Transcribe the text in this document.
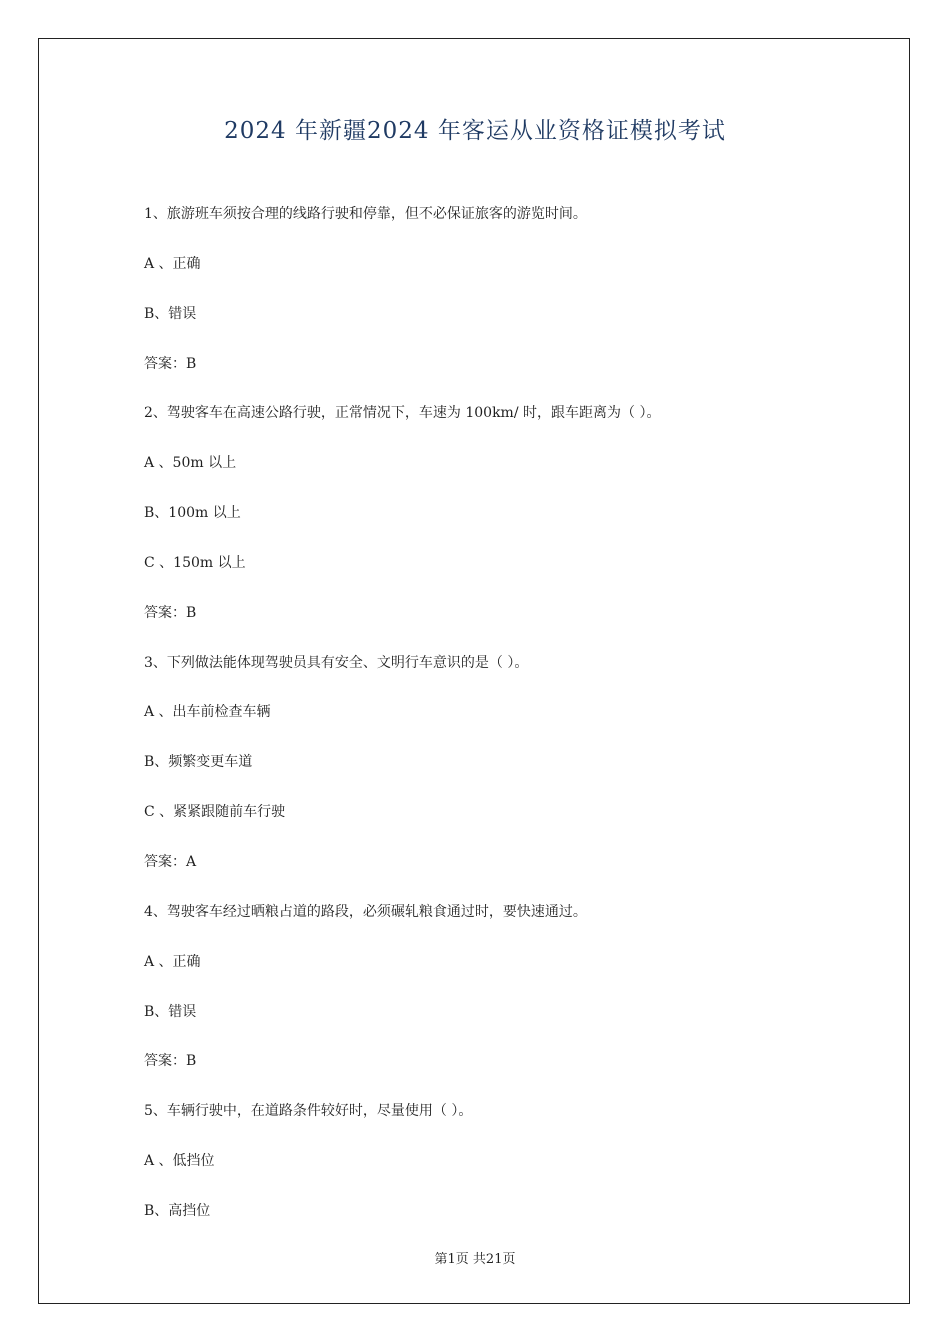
2024 年新疆2024 年客运从业资格证模拟考试
1、旅游班车须按合理的线路行驶和停靠，但不必保证旅客的游览时间。
A 、正确
B、错误
答案：B
2、驾驶客车在高速公路行驶，正常情况下，车速为 100km/ 时，跟车距离为（ ）。
A 、50m 以上
B、100m 以上
C 、150m 以上
答案：B
3、下列做法能体现驾驶员具有安全、文明行车意识的是（ ）。
A 、出车前检查车辆
B、频繁变更车道
C 、紧紧跟随前车行驶
答案：A
4、驾驶客车经过晒粮占道的路段，必须碾轧粮食通过时，要快速通过。
A 、正确
B、错误
答案：B
5、车辆行驶中，在道路条件较好时，尽量使用（ ）。
A 、低挡位
B、高挡位
第1页 共21页
